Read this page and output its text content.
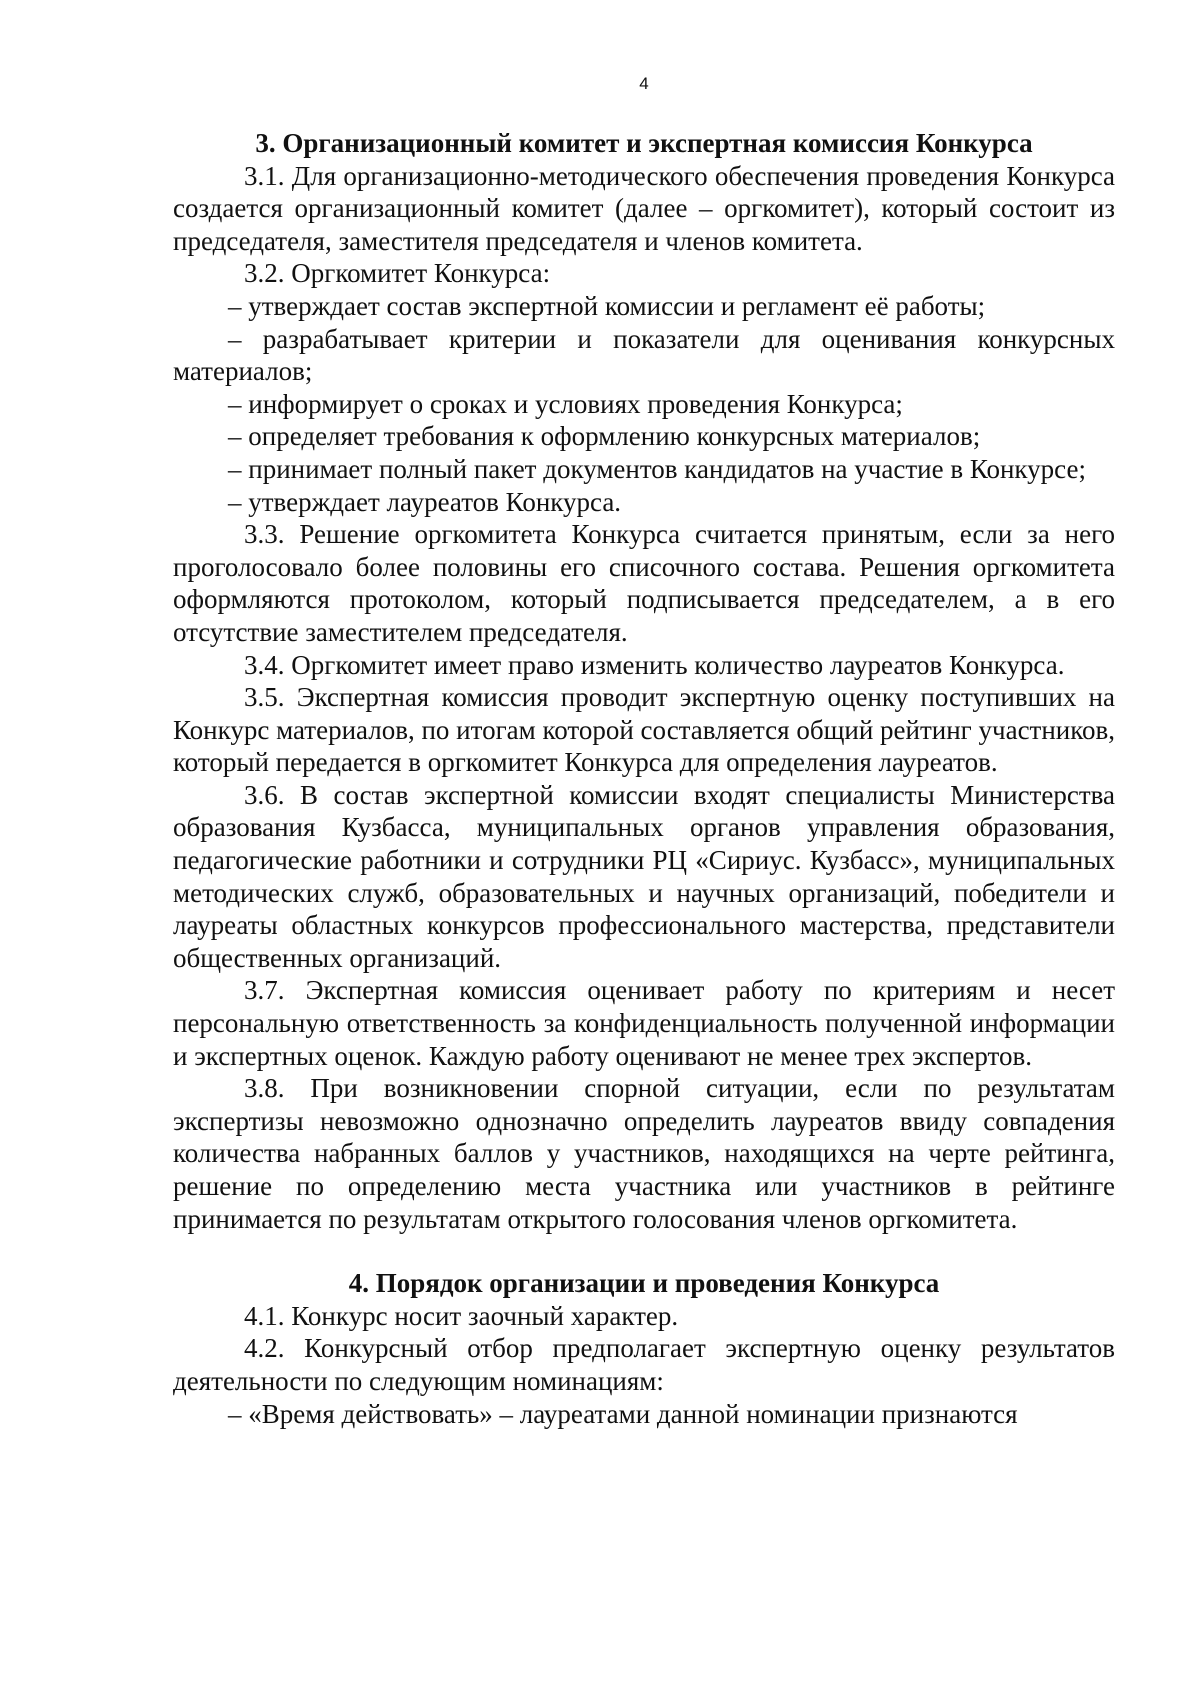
4
3. Организационный комитет и экспертная комиссия Конкурса

3.1. Для организационно-методического обеспечения проведения Конкурса создается организационный комитет (далее – оргкомитет), который состоит из председателя, заместителя председателя и членов комитета.

3.2. Оргкомитет Конкурса:

– утверждает состав экспертной комиссии и регламент её работы;

– разрабатывает критерии и показатели для оценивания конкурсных материалов;

– информирует о сроках и условиях проведения Конкурса;

– определяет требования к оформлению конкурсных материалов;

– принимает полный пакет документов кандидатов на участие в Конкурсе;

– утверждает лауреатов Конкурса.

3.3. Решение оргкомитета Конкурса считается принятым, если за него проголосовало более половины его списочного состава. Решения оргкомитета оформляются протоколом, который подписывается председателем, а в его отсутствие заместителем председателя.

3.4. Оргкомитет имеет право изменить количество лауреатов Конкурса.

3.5. Экспертная комиссия проводит экспертную оценку поступивших на Конкурс материалов, по итогам которой составляется общий рейтинг участников, который передается в оргкомитет Конкурса для определения лауреатов.

3.6. В состав экспертной комиссии входят специалисты Министерства образования Кузбасса, муниципальных органов управления образования, педагогические работники и сотрудники РЦ «Сириус. Кузбасс», муниципальных методических служб, образовательных и научных организаций, победители и лауреаты областных конкурсов профессионального мастерства, представители общественных организаций.

3.7. Экспертная комиссия оценивает работу по критериям и несет персональную ответственность за конфиденциальность полученной информации и экспертных оценок. Каждую работу оценивают не менее трех экспертов.

3.8. При возникновении спорной ситуации, если по результатам экспертизы невозможно однозначно определить лауреатов ввиду совпадения количества набранных баллов у участников, находящихся на черте рейтинга, решение по определению места участника или участников в рейтинге принимается по результатам открытого голосования членов оргкомитета.

4. Порядок организации и проведения Конкурса

4.1. Конкурс носит заочный характер.

4.2. Конкурсный отбор предполагает экспертную оценку результатов деятельности по следующим номинациям:

– «Время действовать» – лауреатами данной номинации признаются
